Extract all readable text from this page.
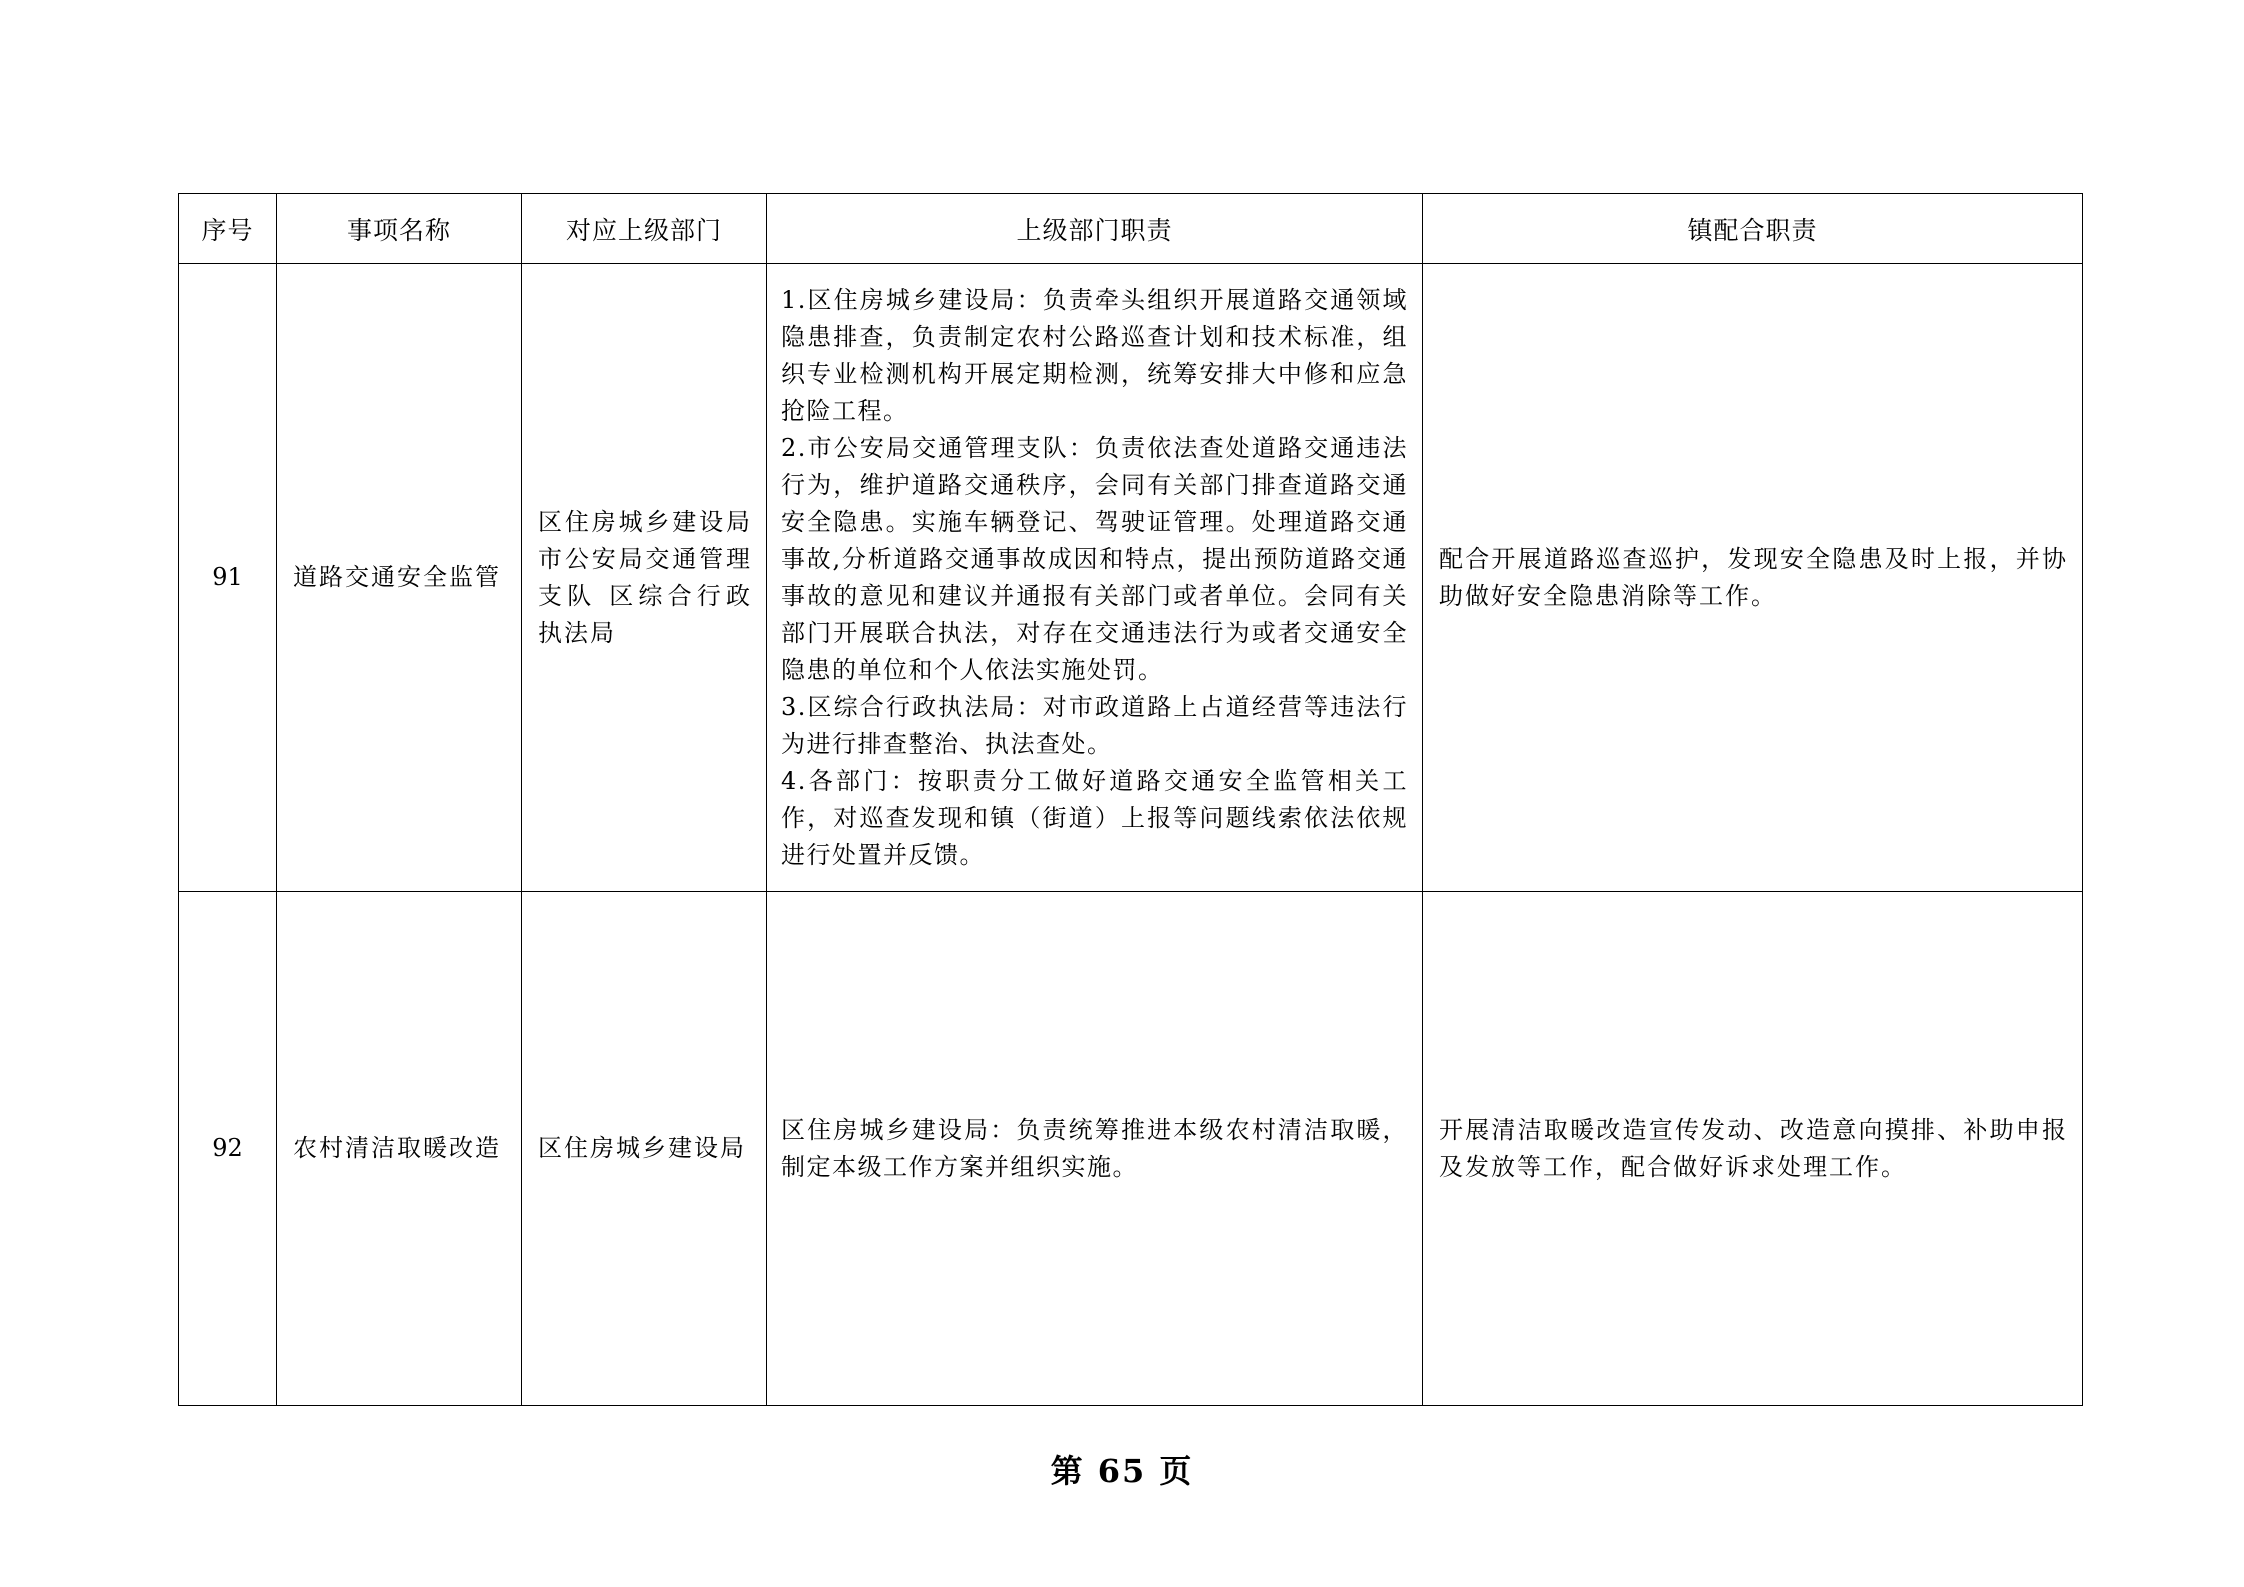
序号	事项名称	对应上级部门	上级部门职责	镇配合职责
91	道路交通安全监管	区住房城乡建设局 市公安局交通管理支队 区综合行政执法局	1.区住房城乡建设局：负责牵头组织开展道路交通领域隐患排查，负责制定农村公路巡查计划和技术标准，组织专业检测机构开展定期检测，统筹安排大中修和应急抢险工程。
2.市公安局交通管理支队：负责依法查处道路交通违法行为，维护道路交通秩序，会同有关部门排查道路交通安全隐患。实施车辆登记、驾驶证管理。处理道路交通事故,分析道路交通事故成因和特点，提出预防道路交通事故的意见和建议并通报有关部门或者单位。会同有关部门开展联合执法，对存在交通违法行为或者交通安全隐患的单位和个人依法实施处罚。
3.区综合行政执法局：对市政道路上占道经营等违法行为进行排查整治、执法查处。
4.各部门：按职责分工做好道路交通安全监管相关工作，对巡查发现和镇（街道）上报等问题线索依法依规进行处置并反馈。	配合开展道路巡查巡护，发现安全隐患及时上报，并协助做好安全隐患消除等工作。
92	农村清洁取暖改造	区住房城乡建设局	区住房城乡建设局：负责统筹推进本级农村清洁取暖，制定本级工作方案并组织实施。	开展清洁取暖改造宣传发动、改造意向摸排、补助申报及发放等工作，配合做好诉求处理工作。
第 65 页
